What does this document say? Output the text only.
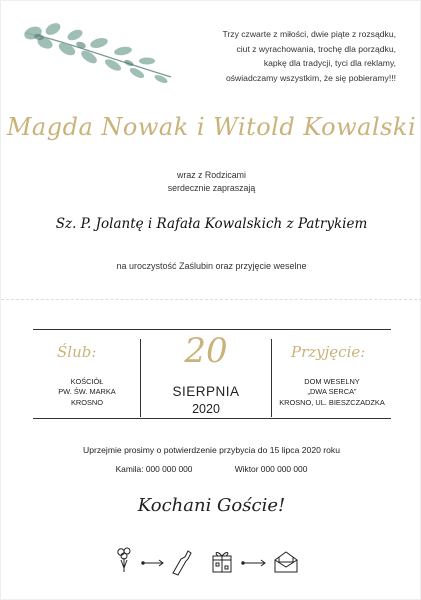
Trzy czwarte z miłości, dwie piąte z rozsądku,
ciut z wyrachowania, trochę dla porządku,
kapkę dla tradycji, tyci dla reklamy,
oświadczamy wszystkim, że się pobieramy!!!
Magda Nowak i Witold Kowalski
wraz z Rodzicami
serdecznie zapraszają
Sz. P. Jolantę i Rafała Kowalskich z Patrykiem
na uroczystość Zaślubin oraz przyjęcie weselne
Ślub:
KOŚCIÓŁ
PW. ŚW. MARKA
KROSNO
20
SIERPNIA
2020
Przyjęcie:
DOM WESELNY
„DWA SERCA”
KROSNO, UL. BIESZCZADZKA
Uprzejmie prosimy o potwierdzenie przybycia do 15 lipca 2020 roku
Kamila: 000 000 000	Wiktor 000 000 000
Kochani Goście!
